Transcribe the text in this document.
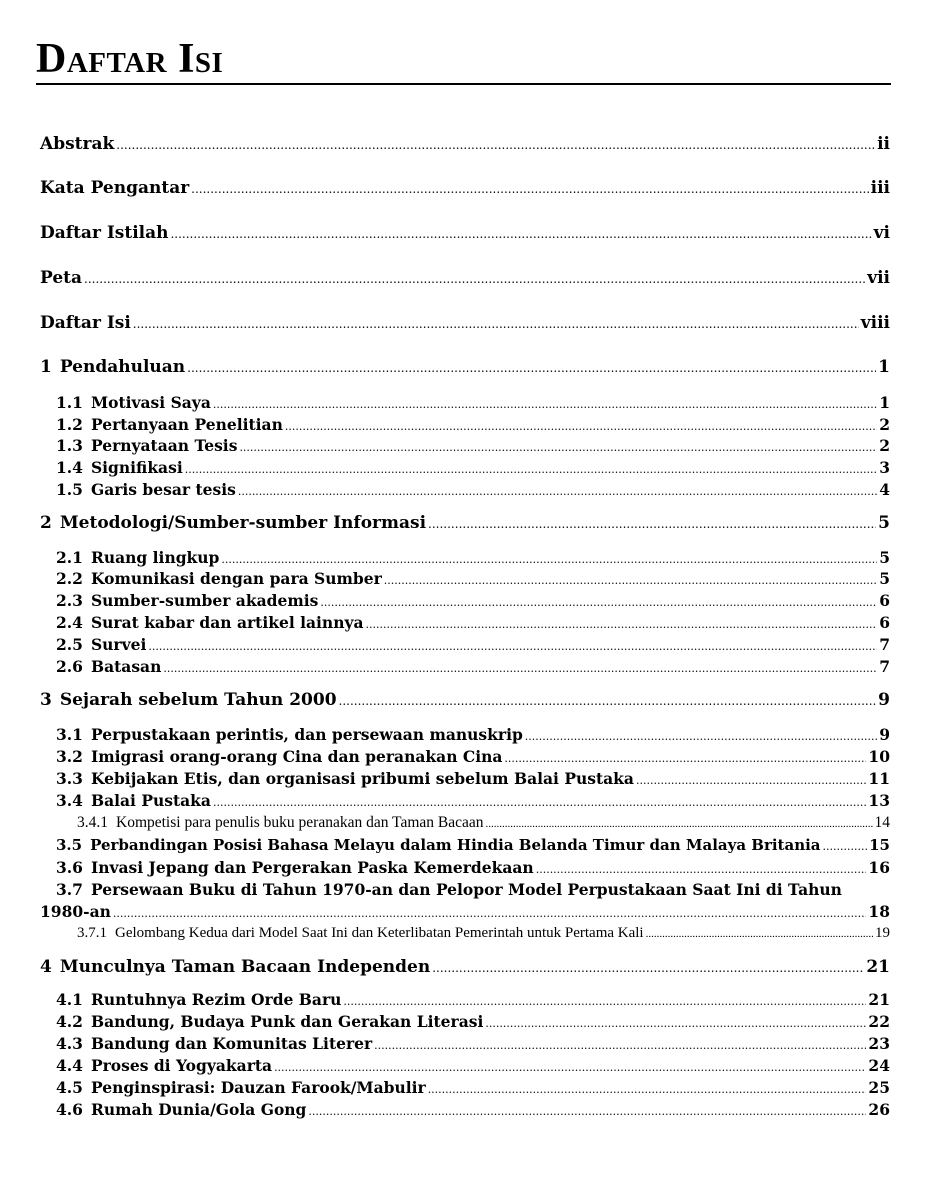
Daftar Isi
Abstrak .....	ii
Kata Pengantar .....	iii
Daftar Istilah .....	vi
Peta .....	vii
Daftar Isi .....	viii
1 Pendahuluan .....	1
1.1 Motivasi Saya .....	1
1.2 Pertanyaan Penelitian .....	2
1.3 Pernyataan Tesis .....	2
1.4 Signifikasi .....	3
1.5 Garis besar tesis .....	4
2 Metodologi/Sumber-sumber Informasi .....	5
2.1 Ruang lingkup .....	5
2.2 Komunikasi dengan para Sumber .....	5
2.3 Sumber-sumber akademis .....	6
2.4 Surat kabar dan artikel lainnya .....	6
2.5 Survei .....	7
2.6 Batasan .....	7
3 Sejarah sebelum Tahun 2000 .....	9
3.1 Perpustakaan perintis, dan persewaan manuskrip .....	9
3.2 Imigrasi orang-orang Cina dan peranakan Cina .....	10
3.3 Kebijakan Etis, dan organisasi pribumi sebelum Balai Pustaka .....	11
3.4 Balai Pustaka .....	13
3.4.1 Kompetisi para penulis buku peranakan dan Taman Bacaan .....	14
3.5 Perbandingan Posisi Bahasa Melayu dalam Hindia Belanda Timur dan Malaya Britania .....	15
3.6 Invasi Jepang dan Pergerakan Paska Kemerdekaan .....	16
3.7 Persewaan Buku di Tahun 1970-an dan Pelopor Model Perpustakaan Saat Ini di Tahun
1980-an .....	18
3.7.1 Gelombang Kedua dari Model Saat Ini dan Keterlibatan Pemerintah untuk Pertama Kali .....	19
4 Munculnya Taman Bacaan Independen .....	21
4.1 Runtuhnya Rezim Orde Baru .....	21
4.2 Bandung, Budaya Punk dan Gerakan Literasi .....	22
4.3 Bandung dan Komunitas Literer .....	23
4.4 Proses di Yogyakarta .....	24
4.5 Penginspirasi: Dauzan Farook/Mabulir .....	25
4.6 Rumah Dunia/Gola Gong .....	26
